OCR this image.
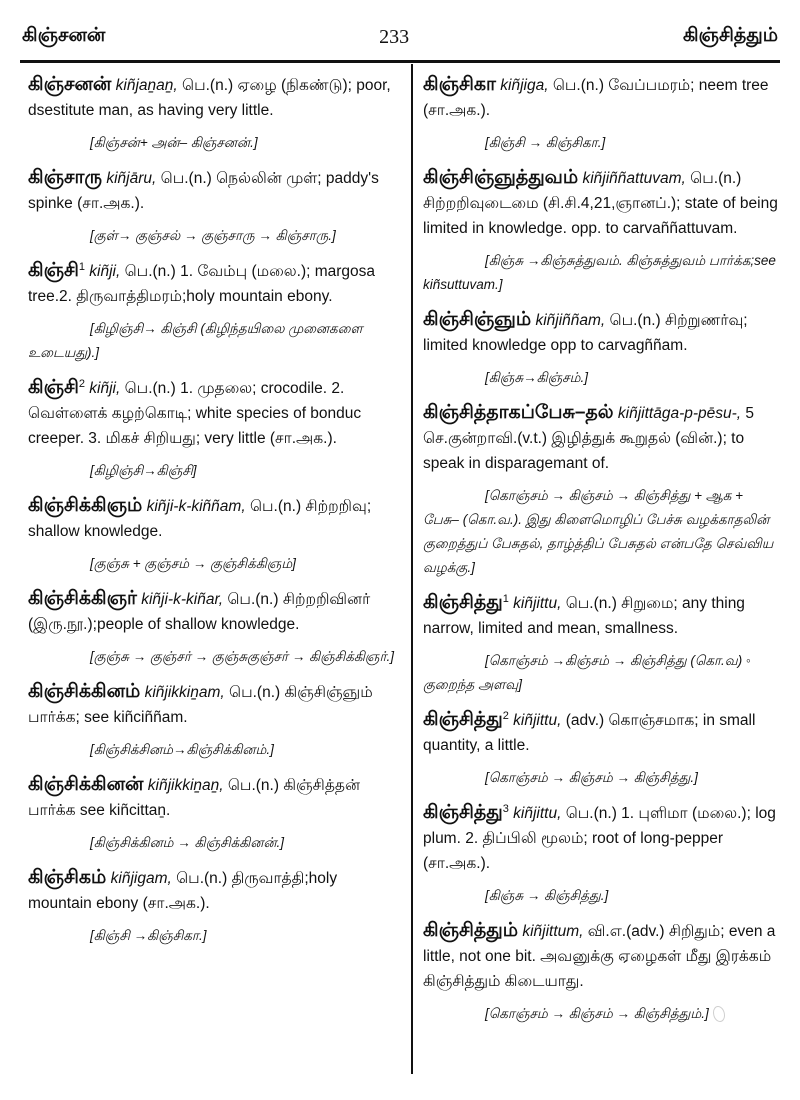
கிஞ்சனன்	233	கிஞ்சித்தும்
கிஞ்சனன் kiñjaṉaṉ, பெ.(n.) ஏழை (நிகண்டு); poor, dsestitute man, as having very little.
[கிஞ்சன்+ அன்– கிஞ்சனன்.]
கிஞ்சாரு kiñjāru, பெ.(n.) நெல்லின் முள்; paddy's spinke (சா.அக.).
[குள்→ குஞ்சல் → குஞ்சாரு → கிஞ்சாரு.]
கிஞ்சி$^1$ kiñji, பெ.(n.) 1. வேம்பு (மலை.); margosa tree.2. திருவாத்திமரம்;holy mountain ebony.
[கிழிஞ்சி→ கிஞ்சி (கிழிந்தயிலை முனைகளை உடையது).]
கிஞ்சி$^2$ kiñji, பெ.(n.) 1. முதலை; crocodile. 2. வெள்ளைக் கழற்கொடி; white species of bonduc creeper. 3. மிகச் சிறியது; very little (சா.அக.).
[கிழிஞ்சி→கிஞ்சி]
கிஞ்சிக்கிஞம் kiñji-k-kiññam, பெ.(n.) சிற்றறிவு; shallow knowledge.
[குஞ்சு + குஞ்சம் → குஞ்சிக்கிஞம்]
கிஞ்சிக்கிஞர் kiñji-k-kiñar, பெ.(n.) சிற்றறிவினர் (இரு.நூ.);people of shallow knowledge.
[குஞ்சு → குஞ்சர் → குஞ்சுகுஞ்சர் → கிஞ்சிக்கிஞர்.]
கிஞ்சிக்கினம் kiñjikkiṉam, பெ.(n.) கிஞ்சிஞ்ஞும் பார்க்க; see kiñciññam.
[கிஞ்சிக்சினம்→கிஞ்சிக்கினம்.]
கிஞ்சிக்கினன் kiñjikkiṉaṉ, பெ.(n.) கிஞ்சித்தன் பார்க்க see kiñcittaṉ.
[கிஞ்சிக்கினம் → கிஞ்சிக்கினன்.]
கிஞ்சிகம் kiñjigam, பெ.(n.) திருவாத்தி;holy mountain ebony (சா.அக.).
[கிஞ்சி →கிஞ்சிகா.]
கிஞ்சிகா kiñjiga, பெ.(n.) வேப்பமரம்; neem tree (சா.அக.).
[கிஞ்சி → கிஞ்சிகா.]
கிஞ்சிஞ்ஞுத்துவம் kiñjiññattuvam, பெ.(n.) சிற்றறிவுடைமை (சி.சி.4,21,ஞானப்.); state of being limited in knowledge. opp. to carvaññattuvam.
[கிஞ்சு →கிஞ்சுத்துவம். கிஞ்சுத்துவம் பார்க்க;see kiñsuttuvam.]
கிஞ்சிஞ்ஞும் kiñjiññam, பெ.(n.) சிற்றுணர்வு; limited knowledge opp to carvagññam.
[கிஞ்சு→கிஞ்சம்.]
கிஞ்சித்தாகப்பேசு–தல் kiñjittāga-p-pēsu-, 5 செ.குன்றாவி.(v.t.) இழித்துக் கூறுதல் (வின்.); to speak in disparagemant of.
[கொஞ்சம் → கிஞ்சம் → கிஞ்சித்து + ஆக + பேசு– (கொ.வ.). இது கிளைமொழிப் பேச்சு வழக்காதலின் குறைத்துப் பேசுதல், தாழ்த்திப் பேசுதல் என்பதே செவ்விய வழக்கு.]
கிஞ்சித்து$^1$ kiñjittu, பெ.(n.) சிறுமை; any thing narrow, limited and mean, smallness.
[கொஞ்சம் →கிஞ்சம் → கிஞ்சித்து (கொ.வ) ◦ குறைந்த அளவு]
கிஞ்சித்து$^2$ kiñjittu, (adv.) கொஞ்சமாக; in small quantity, a little.
[கொஞ்சம் → கிஞ்சம் → கிஞ்சித்து.]
கிஞ்சித்து$^3$ kiñjittu, பெ.(n.) 1. புளிமா (மலை.); log plum. 2. திப்பிலி மூலம்; root of long-pepper (சா.அக.).
[கிஞ்சு → கிஞ்சித்து.]
கிஞ்சித்தும் kiñjittum, வி.எ.(adv.) சிறிதும்; even a little, not one bit. அவனுக்கு ஏழைகள் மீது இரக்கம் கிஞ்சித்தும் கிடையாது.
[கொஞ்சம் → கிஞ்சம் → கிஞ்சித்தும்.]
